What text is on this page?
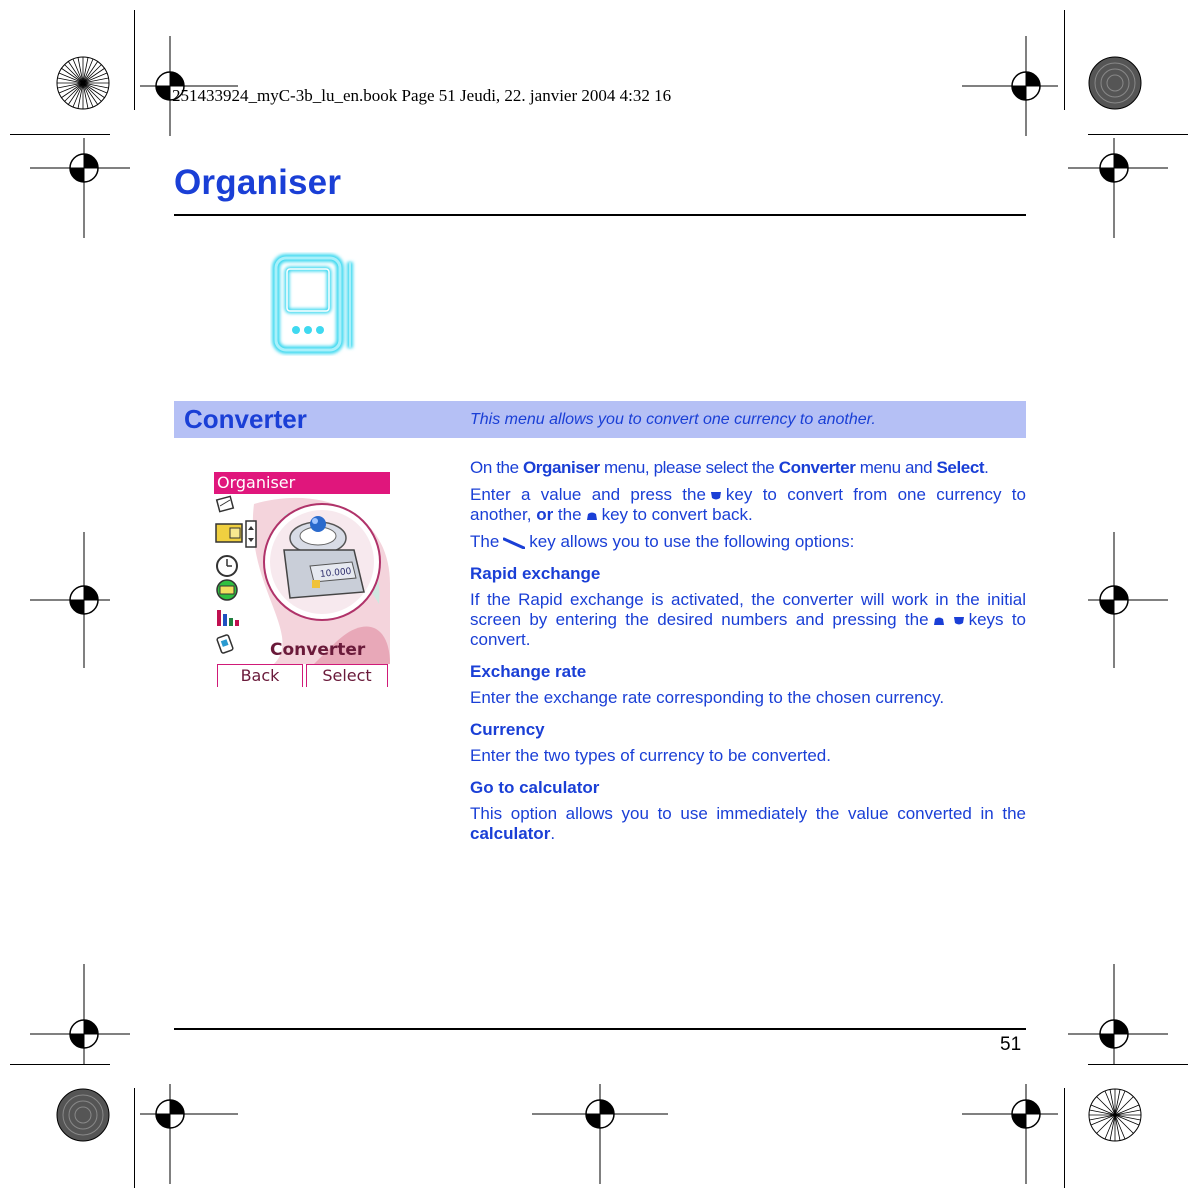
251433924_myC-3b_lu_en.book Page 51 Jeudi, 22. janvier 2004 4:32 16
Organiser
Converter	This menu allows you to convert one currency to another.
Organiser
10.000
Converter
Back	Select

On the Organiser menu, please select the Converter menu and Select.

Enter a value and press the key to convert from one currency to another, or the key to convert back.

The key allows you to use the following options:

Rapid exchange

If the Rapid exchange is activated, the converter will work in the initial screen by entering the desired numbers and pressing the keys to convert.

Exchange rate

Enter the exchange rate corresponding to the chosen currency.

Currency

Enter the two types of currency to be converted.

Go to calculator

This option allows you to use immediately the value converted in the calculator.

51
